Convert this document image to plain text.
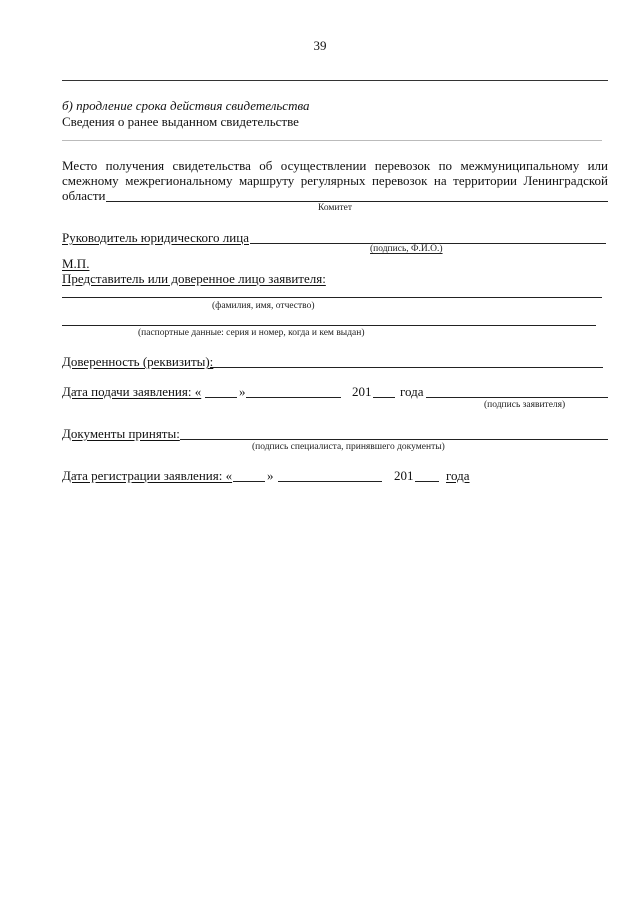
39
б) продление срока действия свидетельства
Сведения о ранее выданном свидетельстве
Место получения свидетельства об осуществлении перевозок по межмуниципальному или
смежному межрегиональному маршруту регулярных перевозок на территории Ленинградской
области
Комитет
Руководитель юридического лица
(подпись, Ф.И.О.)
М.П.
Представитель или доверенное лицо заявителя:
(фамилия, имя, отчество)
(паспортные данные: серия и номер, когда и кем выдан)
Доверенность (реквизиты):
Дата подачи заявления: «	»	201 года
(подпись заявителя)
Документы приняты:
(подпись специалиста, принявшего документы)
Дата регистрации заявления: «	»	201	года
